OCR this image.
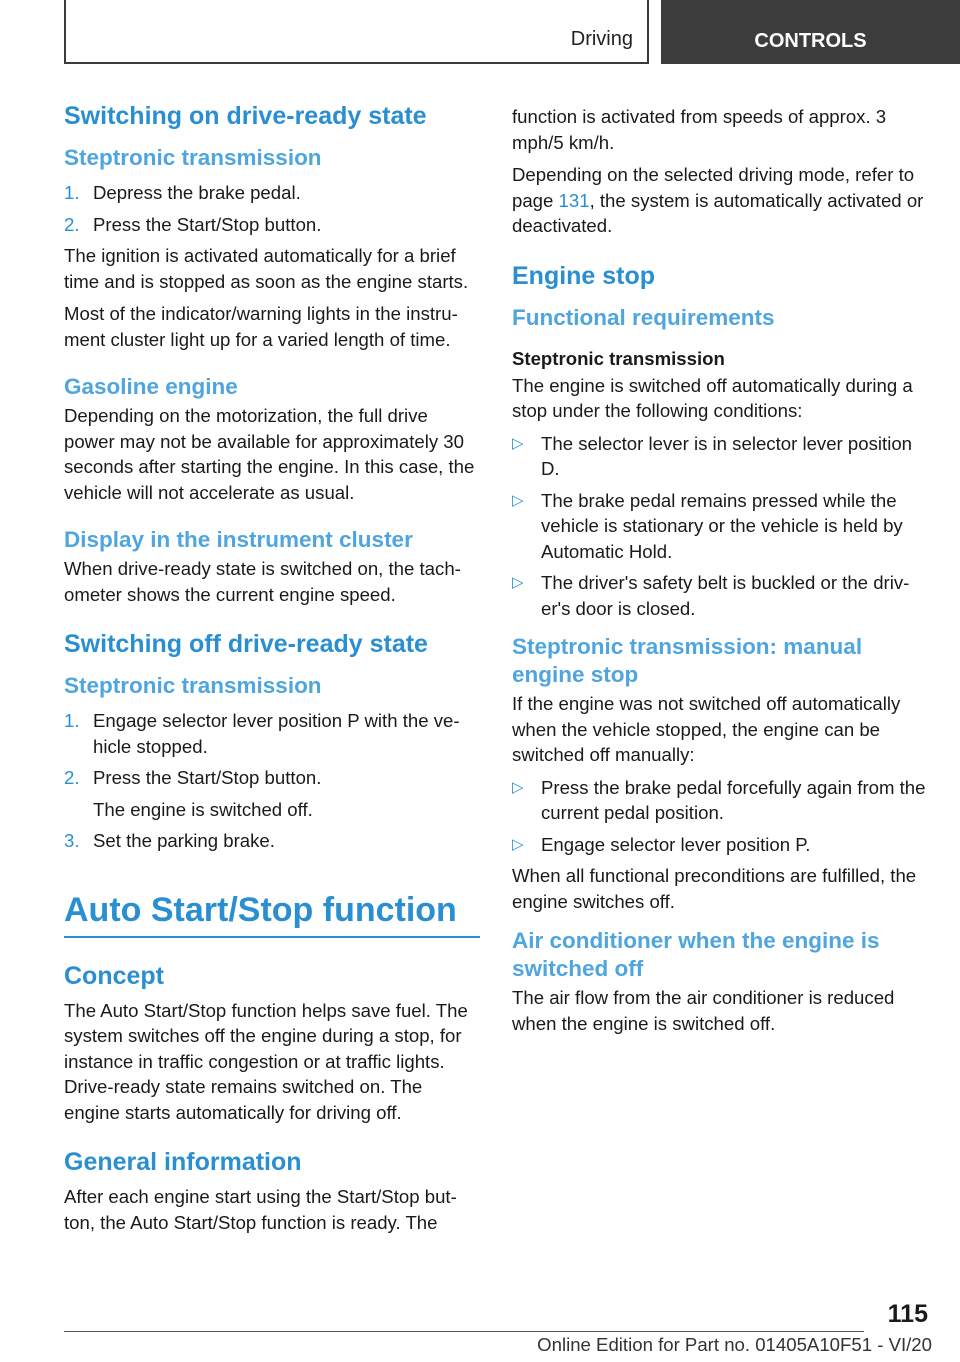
Driving	CONTROLS
Switching on drive-ready state
Steptronic transmission
1. Depress the brake pedal.
2. Press the Start/Stop button.

The ignition is activated automatically for a brief time and is stopped as soon as the engine starts.

Most of the indicator/warning lights in the instru- ment cluster light up for a varied length of time.

Gasoline engine

Depending on the motorization, the full drive power may not be available for approximately 30 seconds after starting the engine. In this case, the vehicle will not accelerate as usual.

Display in the instrument cluster

When drive-ready state is switched on, the tach- ometer shows the current engine speed.

Switching off drive-ready state
Steptronic transmission
1. Engage selector lever position P with the ve- hicle stopped.
2. Press the Start/Stop button.
The engine is switched off.
3. Set the parking brake.
Auto Start/Stop function
Concept

The Auto Start/Stop function helps save fuel. The system switches off the engine during a stop, for instance in traffic congestion or at traffic lights. Drive-ready state remains switched on. The engine starts automatically for driving off.

General information

After each engine start using the Start/Stop but- ton, the Auto Start/Stop function is ready. The

function is activated from speeds of approx. 3 mph/5 km/h.

Depending on the selected driving mode, refer to page 131, the system is automatically activated or deactivated.

Engine stop
Functional requirements
Steptronic transmission

The engine is switched off automatically during a stop under the following conditions:

▷ The selector lever is in selector lever position D.
▷ The brake pedal remains pressed while the vehicle is stationary or the vehicle is held by Automatic Hold.
▷ The driver's safety belt is buckled or the driv- er's door is closed.
Steptronic transmission: manual engine stop

If the engine was not switched off automatically when the vehicle stopped, the engine can be switched off manually:

▷ Press the brake pedal forcefully again from the current pedal position.
▷ Engage selector lever position P.

When all functional preconditions are fulfilled, the engine switches off.

Air conditioner when the engine is switched off

The air flow from the air conditioner is reduced when the engine is switched off.

115
Online Edition for Part no. 01405A10F51 - VI/20
